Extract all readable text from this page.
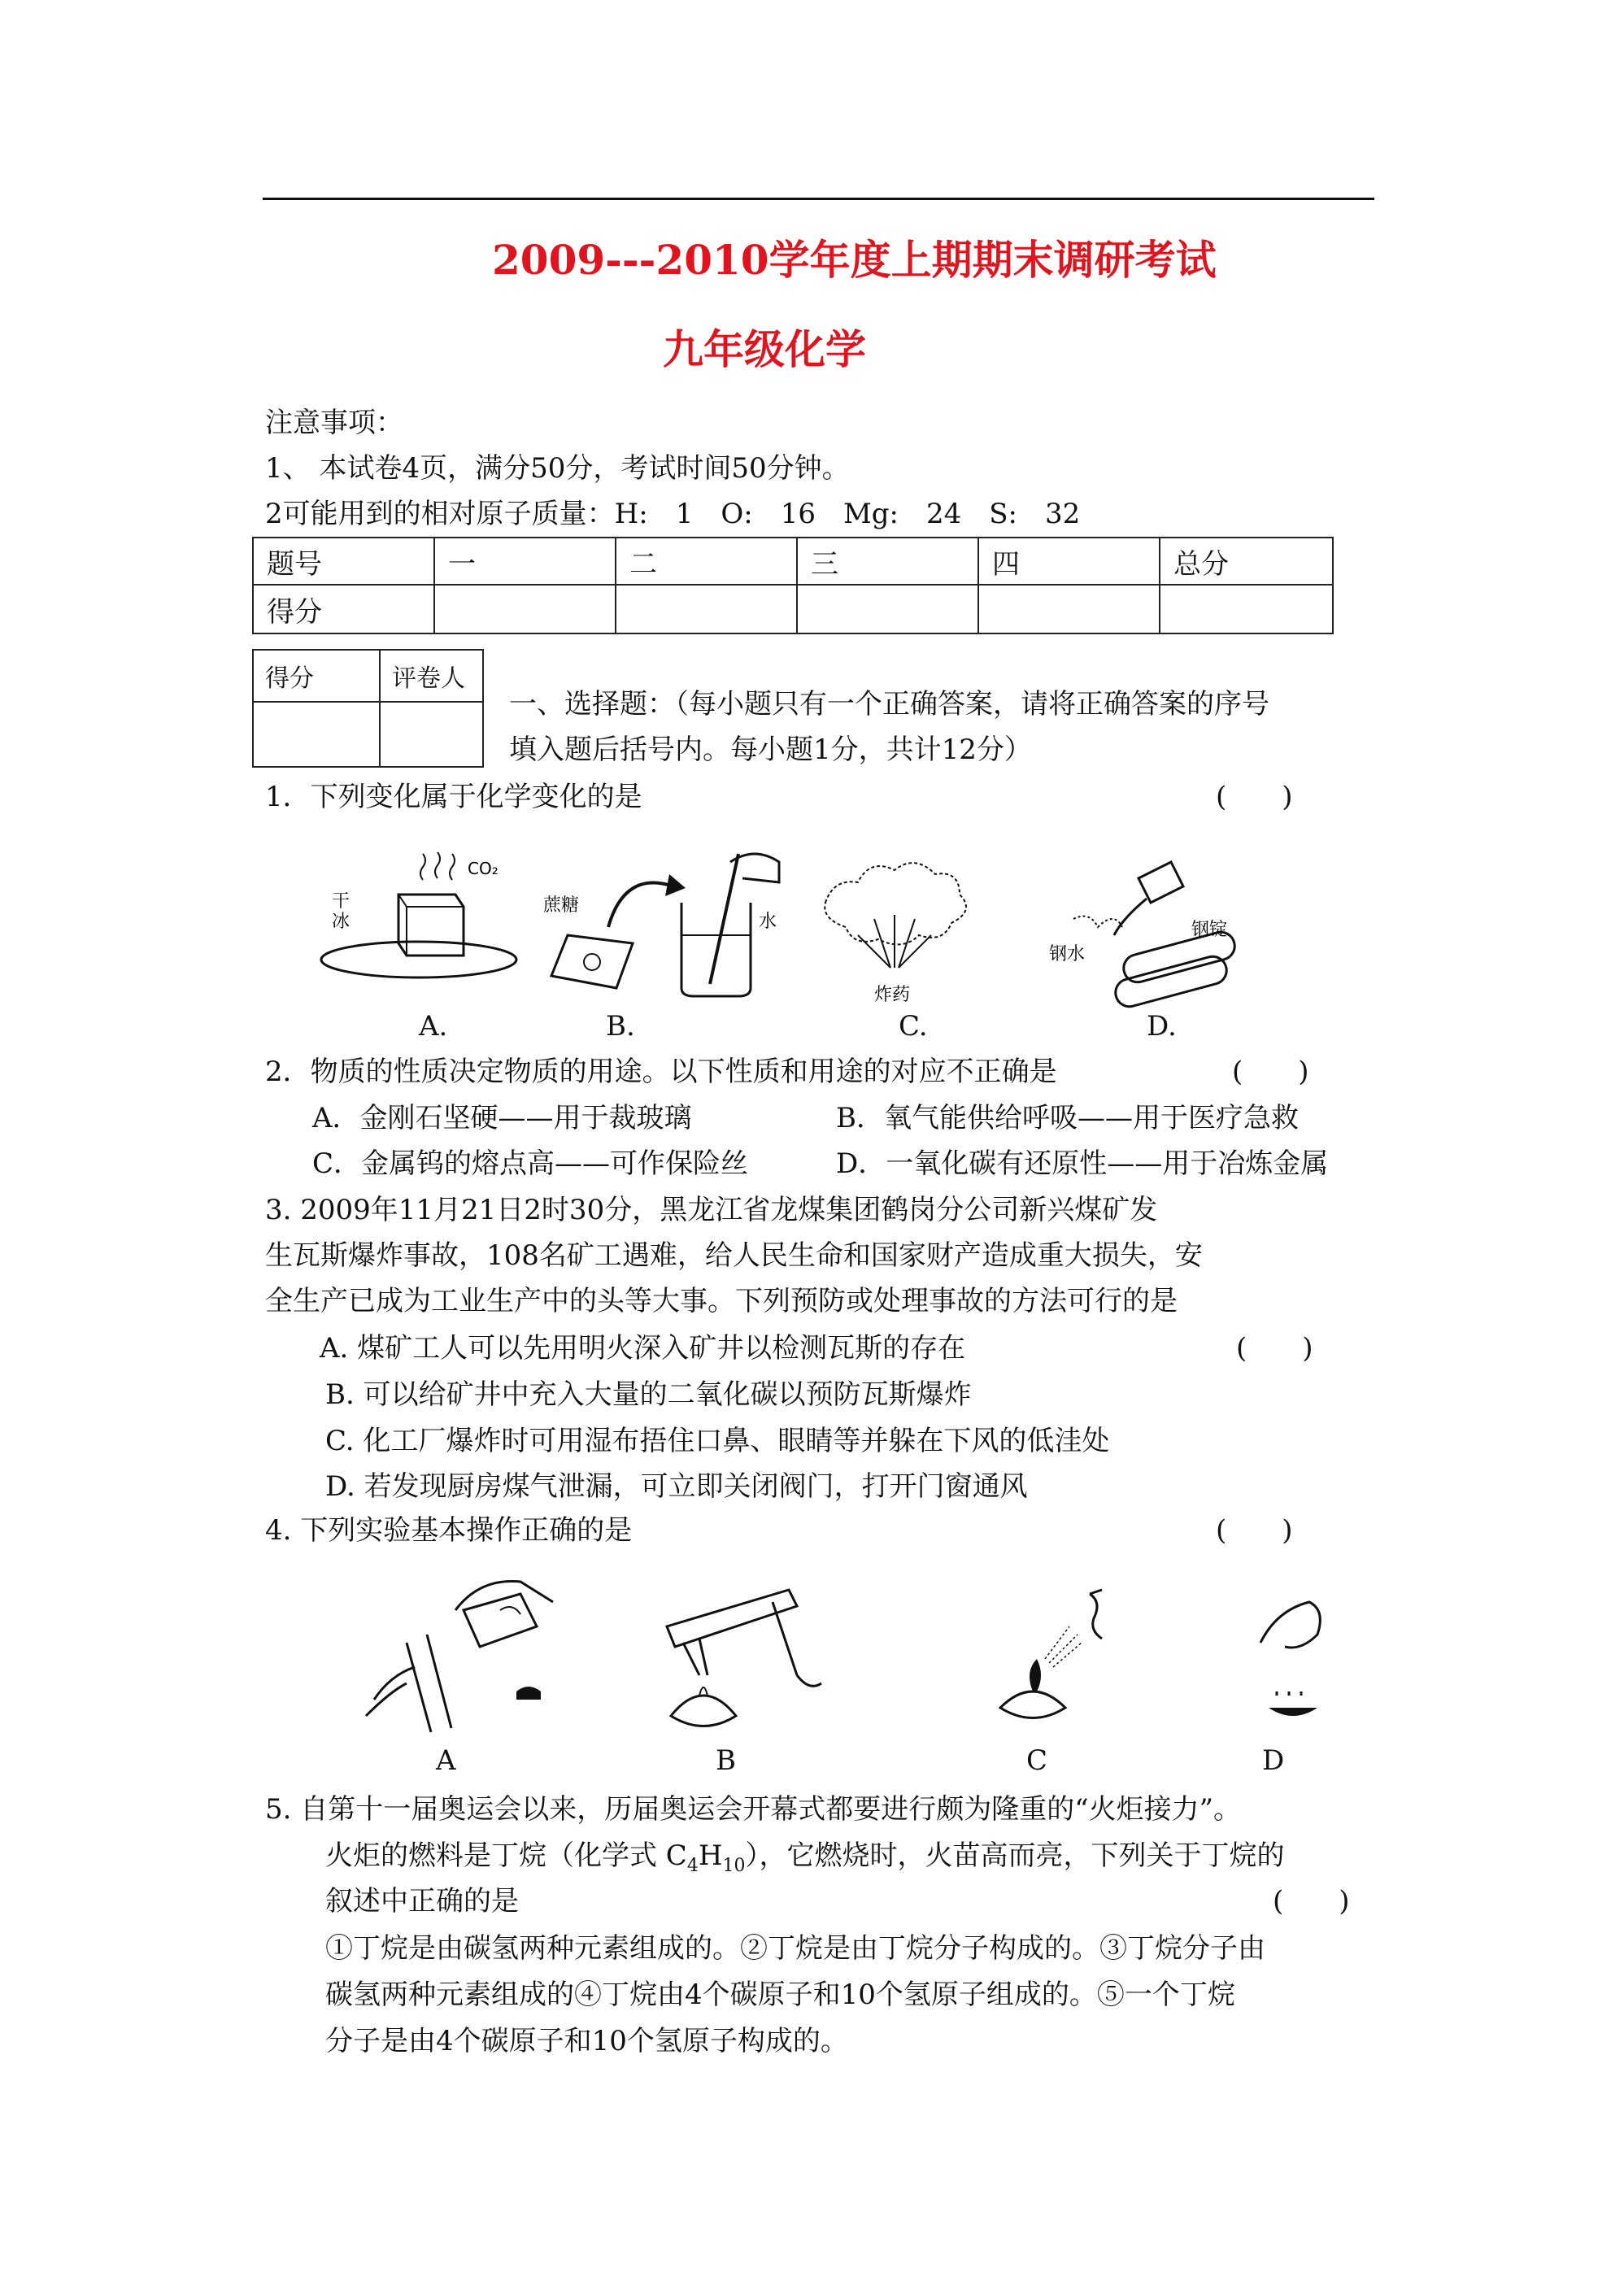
2009---2010学年度上期期末调研考试
九年级化学
注意事项：
1、 本试卷4页，满分50分，考试时间50分钟。
2可能用到的相对原子质量：H:　1　O:　16　Mg:　24　S:　32
题号	一	二	三	四	总分
得分					
得分	评卷人

一、选择题：（每小题只有一个正确答案，请将正确答案的序号
填入题后括号内。每小题1分，共计12分）
1．下列变化属于化学变化的是	(　　)
干
冰
CO₂
蔗糖
水
炸药
钢水
钢锭
A.	B.	C.	D.
2．物质的性质决定物质的用途。以下性质和用途的对应不正确是	(　　)
A．金刚石坚硬——用于裁玻璃	B．氧气能供给呼吸——用于医疗急救
C．金属钨的熔点高——可作保险丝	D．一氧化碳有还原性——用于冶炼金属
3. 2009年11月21日2时30分，黑龙江省龙煤集团鹤岗分公司新兴煤矿发
生瓦斯爆炸事故，108名矿工遇难，给人民生命和国家财产造成重大损失，安
全生产已成为工业生产中的头等大事。下列预防或处理事故的方法可行的是
A. 煤矿工人可以先用明火深入矿井以检测瓦斯的存在	(　　)
B. 可以给矿井中充入大量的二氧化碳以预防瓦斯爆炸
C. 化工厂爆炸时可用湿布捂住口鼻、眼睛等并躲在下风的低洼处
D. 若发现厨房煤气泄漏，可立即关闭阀门，打开门窗通风
4. 下列实验基本操作正确的是	(　　)
A	B	C	D
5. 自第十一届奥运会以来，历届奥运会开幕式都要进行颇为隆重的“火炬接力”。
火炬的燃料是丁烷（化学式 $C_4H_{10}$），它燃烧时，火苗高而亮，下列关于丁烷的
叙述中正确的是	(　　)
①丁烷是由碳氢两种元素组成的。②丁烷是由丁烷分子构成的。③丁烷分子由
碳氢两种元素组成的④丁烷由4个碳原子和10个氢原子组成的。⑤一个丁烷
分子是由4个碳原子和10个氢原子构成的。
